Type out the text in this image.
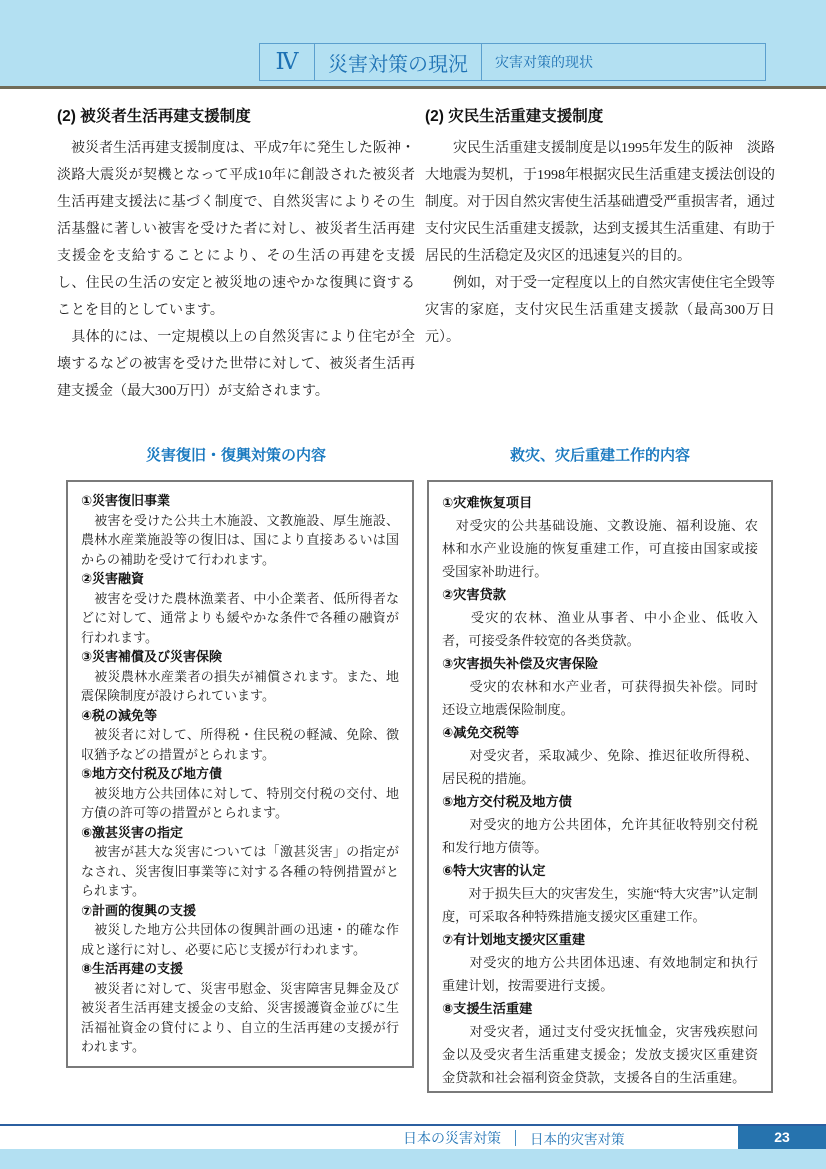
Ⅳ	災害対策の現況	灾害对策的现状
(2) 被災者生活再建支援制度

　被災者生活再建支援制度は、平成7年に発生した阪神・淡路大震災が契機となって平成10年に創設された被災者生活再建支援法に基づく制度で、自然災害によりその生活基盤に著しい被害を受けた者に対し、被災者生活再建支援金を支給することにより、その生活の再建を支援し、住民の生活の安定と被災地の速やかな復興に資することを目的としています。

　具体的には、一定規模以上の自然災害により住宅が全壊するなどの被害を受けた世帯に対して、被災者生活再建支援金（最大300万円）が支給されます。

(2) 灾民生活重建支援制度

　　灾民生活重建支援制度是以1995年发生的阪神　淡路大地震为契机，于1998年根据灾民生活重建支援法创设的制度。对于因自然灾害使生活基础遭受严重损害者，通过支付灾民生活重建支援款，达到支援其生活重建、有助于居民的生活稳定及灾区的迅速复兴的目的。

　　例如，对于受一定程度以上的自然灾害使住宅全毁等灾害的家庭，支付灾民生活重建支援款（最高300万日元）。

災害復旧・復興対策の内容	救灾、灾后重建工作的内容

①災害復旧事業

　被害を受けた公共土木施設、文教施設、厚生施設、農林水産業施設等の復旧は、国により直接あるいは国からの補助を受けて行われます。

②災害融資

　被害を受けた農林漁業者、中小企業者、低所得者などに対して、通常よりも緩やかな条件で各種の融資が行われます。

③災害補償及び災害保険

　被災農林水産業者の損失が補償されます。また、地震保険制度が設けられています。

④税の減免等

　被災者に対して、所得税・住民税の軽減、免除、徴収猶予などの措置がとられます。

⑤地方交付税及び地方債

　被災地方公共団体に対して、特別交付税の交付、地方債の許可等の措置がとられます。

⑥激甚災害の指定

　被害が甚大な災害については「激甚災害」の指定がなされ、災害復旧事業等に対する各種の特例措置がとられます。

⑦計画的復興の支援

　被災した地方公共団体の復興計画の迅速・的確な作成と遂行に対し、必要に応じ支援が行われます。

⑧生活再建の支援

　被災者に対して、災害弔慰金、災害障害見舞金及び被災者生活再建支援金の支給、災害援護資金並びに生活福祉資金の貸付により、自立的生活再建の支援が行われます。

①灾难恢复项目

　对受灾的公共基础设施、文教设施、福利设施、农林和水产业设施的恢复重建工作，可直接由国家或接受国家补助进行。

②灾害贷款

　　受灾的农林、渔业从事者、中小企业、低收入者，可接受条件较宽的各类贷款。

③灾害损失补偿及灾害保险

　　受灾的农林和水产业者，可获得损失补偿。同时还设立地震保险制度。

④减免交税等

　　对受灾者，采取减少、免除、推迟征收所得税、居民税的措施。

⑤地方交付税及地方债

　　对受灾的地方公共团体，允许其征收特别交付税和发行地方债等。

⑥特大灾害的认定

　　对于损失巨大的灾害发生，实施“特大灾害”认定制度，可采取各种特殊措施支援灾区重建工作。

⑦有计划地支援灾区重建

　　对受灾的地方公共团体迅速、有效地制定和执行重建计划，按需要进行支援。

⑧支援生活重建

　　对受灾者，通过支付受灾抚恤金，灾害残疾慰问金以及受灾者生活重建支援金；发放支援灾区重建资金贷款和社会福利资金贷款，支援各自的生活重建。

日本の災害対策 日本的灾害对策	23
